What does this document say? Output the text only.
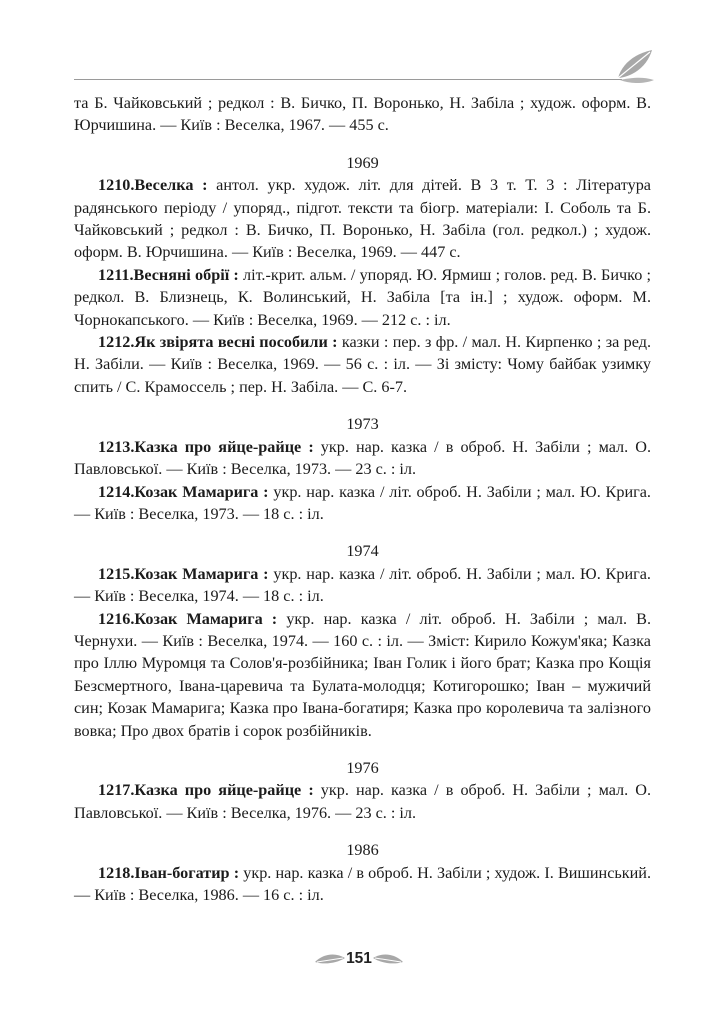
та Б. Чайковський ; редкол : В. Бичко, П. Воронько, Н. Забіла ; худож. оформ. В. Юрчишина. — Київ : Веселка, 1967. — 455 с.

1969

1210.Веселка : антол. укр. худож. літ. для дітей. В 3 т. Т. 3 : Література радянського періоду / упоряд., підгот. тексти та біогр. матеріали: І. Соболь та Б. Чайковський ; редкол : В. Бичко, П. Воронько, Н. Забіла (гол. редкол.) ; худож. оформ. В. Юрчишина. — Київ : Веселка, 1969. — 447 с.

1211.Весняні обрії : літ.-крит. альм. / упоряд. Ю. Ярмиш ; голов. ред. В. Бичко ; редкол. В. Близнець, К. Волинський, Н. Забіла [та ін.] ; худож. оформ. М. Чорнокапського. — Київ : Веселка, 1969. — 212 с. : іл.

1212.Як звірята весні пособили : казки : пер. з фр. / мал. Н. Кирпенко ; за ред. Н. Забіли. — Київ : Веселка, 1969. — 56 с. : іл. — Зі змісту: Чому байбак узимку спить / С. Крамоссель ; пер. Н. Забіла. — С. 6-7.

1973

1213.Казка про яйце-райце : укр. нар. казка / в оброб. Н. Забіли ; мал. О. Павловської. — Київ : Веселка, 1973. — 23 с. : іл.

1214.Козак Мамарига : укр. нар. казка / літ. оброб. Н. Забіли ; мал. Ю. Крига. — Київ : Веселка, 1973. — 18 с. : іл.

1974

1215.Козак Мамарига : укр. нар. казка / літ. оброб. Н. Забіли ; мал. Ю. Крига. — Київ : Веселка, 1974. — 18 с. : іл.

1216.Козак Мамарига : укр. нар. казка / літ. оброб. Н. Забіли ; мал. В. Чернухи. — Київ : Веселка, 1974. — 160 с. : іл. — Зміст: Кирило Кожум'яка; Казка про Іллю Муромця та Солов'я-розбійника; Іван Голик і його брат; Казка про Кощія Безсмертного, Івана-царевича та Булата-молодця; Котигорошко; Іван – мужичий син; Козак Мамарига; Казка про Івана-богатиря; Казка про королевича та залізного вовка; Про двох братів і сорок розбійників.

1976

1217.Казка про яйце-райце : укр. нар. казка / в оброб. Н. Забіли ; мал. О. Павловської. — Київ : Веселка, 1976. — 23 с. : іл.

1986

1218.Іван-богатир : укр. нар. казка / в оброб. Н. Забіли ; худож. І. Вишинський. — Київ : Веселка, 1986. — 16 с. : іл.

151
